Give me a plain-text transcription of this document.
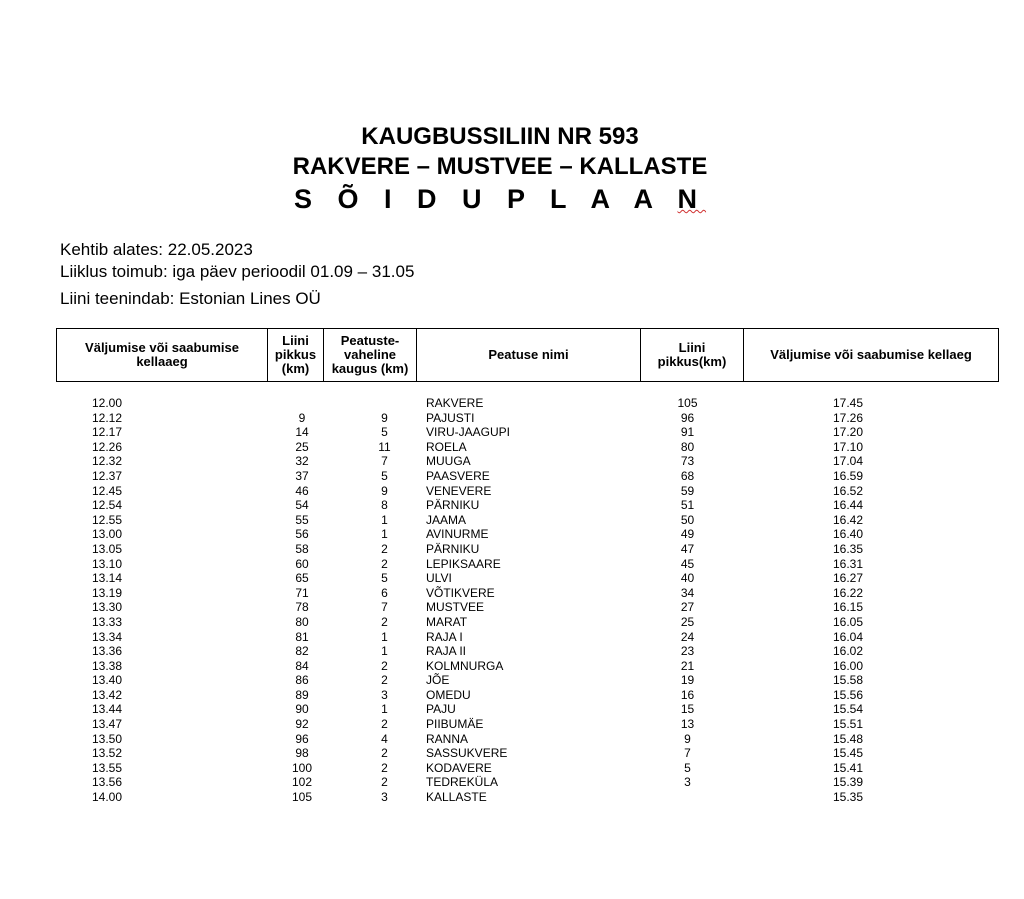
KAUGBUSSILIIN NR 593
RAKVERE – MUSTVEE – KALLASTE
S Õ I D U P L A A N
Kehtib alates: 22.05.2023
Liiklus toimub: iga päev perioodil 01.09 – 31.05
Liini teenindab: Estonian Lines OÜ
Väljumise või saabumise kellaaeg	Liini pikkus (km)	Peatuste-vaheline kaugus (km)	Peatuse nimi	Liini pikkus(km)	Väljumise või saabumise kellaeg
12.00			RAKVERE	105	17.45
12.12	9	9	PAJUSTI	96	17.26
12.17	14	5	VIRU-JAAGUPI	91	17.20
12.26	25	11	ROELA	80	17.10
12.32	32	7	MUUGA	73	17.04
12.37	37	5	PAASVERE	68	16.59
12.45	46	9	VENEVERE	59	16.52
12.54	54	8	PÄRNIKU	51	16.44
12.55	55	1	JAAMA	50	16.42
13.00	56	1	AVINURME	49	16.40
13.05	58	2	PÄRNIKU	47	16.35
13.10	60	2	LEPIKSAARE	45	16.31
13.14	65	5	ULVI	40	16.27
13.19	71	6	VÕTIKVERE	34	16.22
13.30	78	7	MUSTVEE	27	16.15
13.33	80	2	MARAT	25	16.05
13.34	81	1	RAJA I	24	16.04
13.36	82	1	RAJA II	23	16.02
13.38	84	2	KOLMNURGA	21	16.00
13.40	86	2	JÕE	19	15.58
13.42	89	3	OMEDU	16	15.56
13.44	90	1	PAJU	15	15.54
13.47	92	2	PIIBUMÄE	13	15.51
13.50	96	4	RANNA	9	15.48
13.52	98	2	SASSUKVERE	7	15.45
13.55	100	2	KODAVERE	5	15.41
13.56	102	2	TEDREKÜLA	3	15.39
14.00	105	3	KALLASTE		15.35
